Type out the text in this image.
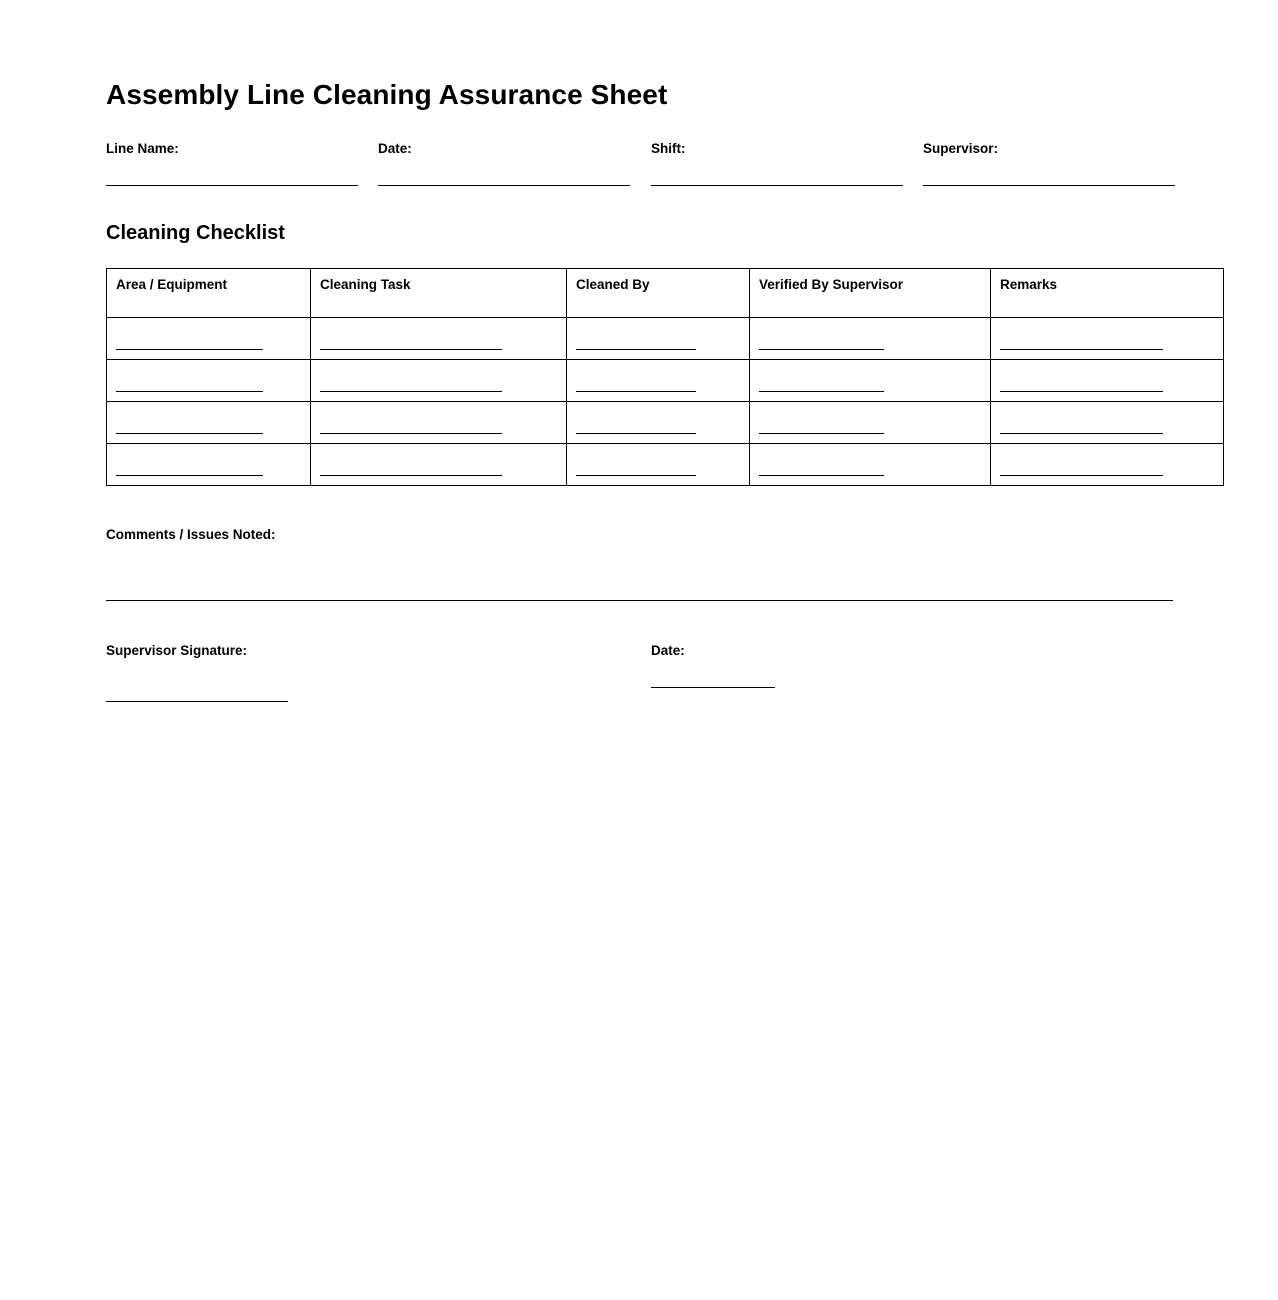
Assembly Line Cleaning Assurance Sheet
Line Name:	Date:	Shift:	Supervisor:
Cleaning Checklist
Area / Equipment	Cleaning Task	Cleaned By	Verified By Supervisor	Remarks

Comments / Issues Noted:
Supervisor Signature:	Date:
